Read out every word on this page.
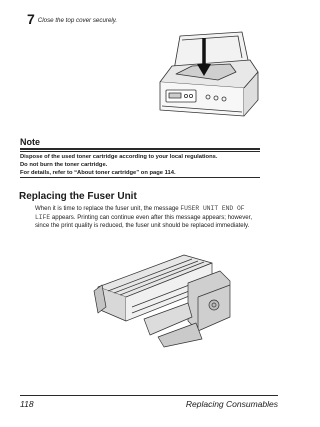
7 Close the top cover securely.
Note
Dispose of the used toner cartridge according to your local regulations.
Do not burn the toner cartridge.
For details, refer to “About toner cartridge” on page 114.
Replacing the Fuser Unit
When it is time to replace the fuser unit, the message FUSER UNIT END OF LIFE appears. Printing can continue even after this message appears; however, since the print quality is reduced, the fuser unit should be replaced immediately.
118	Replacing Consumables
